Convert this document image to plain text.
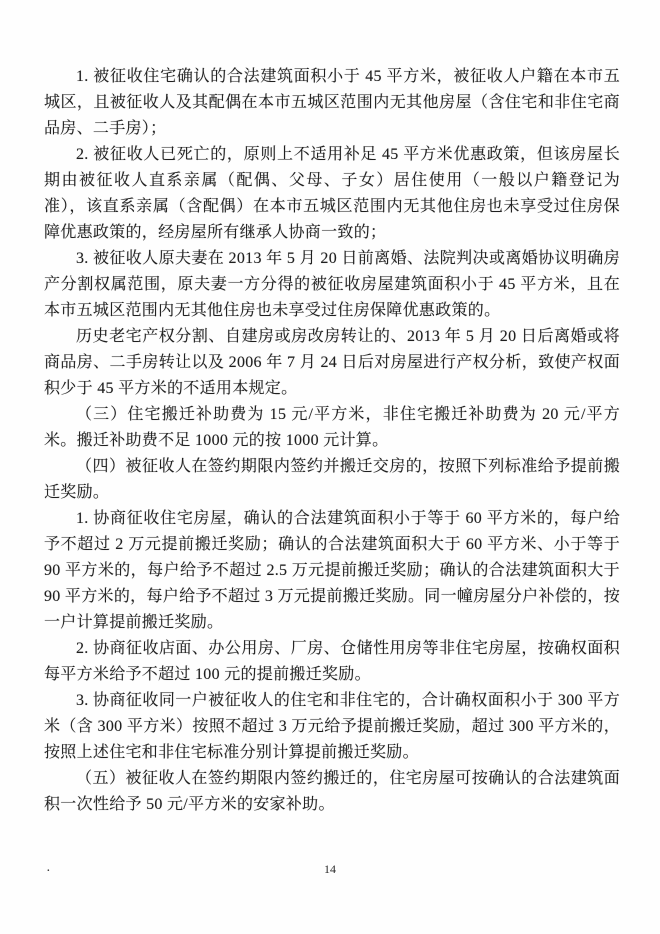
1. 被征收住宅确认的合法建筑面积小于 45 平方米，被征收人户籍在本市五城区，且被征收人及其配偶在本市五城区范围内无其他房屋（含住宅和非住宅商品房、二手房）；

2. 被征收人已死亡的，原则上不适用补足 45 平方米优惠政策，但该房屋长期由被征收人直系亲属（配偶、父母、子女）居住使用（一般以户籍登记为准），该直系亲属（含配偶）在本市五城区范围内无其他住房也未享受过住房保障优惠政策的，经房屋所有继承人协商一致的；

3. 被征收人原夫妻在 2013 年 5 月 20 日前离婚、法院判决或离婚协议明确房产分割权属范围，原夫妻一方分得的被征收房屋建筑面积小于 45 平方米，且在本市五城区范围内无其他住房也未享受过住房保障优惠政策的。

历史老宅产权分割、自建房或房改房转让的、2013 年 5 月 20 日后离婚或将商品房、二手房转让以及 2006 年 7 月 24 日后对房屋进行产权分析，致使产权面积少于 45 平方米的不适用本规定。

（三）住宅搬迁补助费为 15 元/平方米，非住宅搬迁补助费为 20 元/平方米。搬迁补助费不足 1000 元的按 1000 元计算。

（四）被征收人在签约期限内签约并搬迁交房的，按照下列标准给予提前搬迁奖励。

1. 协商征收住宅房屋，确认的合法建筑面积小于等于 60 平方米的，每户给予不超过 2 万元提前搬迁奖励；确认的合法建筑面积大于 60 平方米、小于等于 90 平方米的，每户给予不超过 2.5 万元提前搬迁奖励；确认的合法建筑面积大于 90 平方米的，每户给予不超过 3 万元提前搬迁奖励。同一幢房屋分户补偿的，按一户计算提前搬迁奖励。

2. 协商征收店面、办公用房、厂房、仓储性用房等非住宅房屋，按确权面积每平方米给予不超过 100 元的提前搬迁奖励。

3. 协商征收同一户被征收人的住宅和非住宅的，合计确权面积小于 300 平方米（含 300 平方米）按照不超过 3 万元给予提前搬迁奖励，超过 300 平方米的，按照上述住宅和非住宅标准分别计算提前搬迁奖励。

（五）被征收人在签约期限内签约搬迁的，住宅房屋可按确认的合法建筑面积一次性给予 50 元/平方米的安家补助。

·	14
